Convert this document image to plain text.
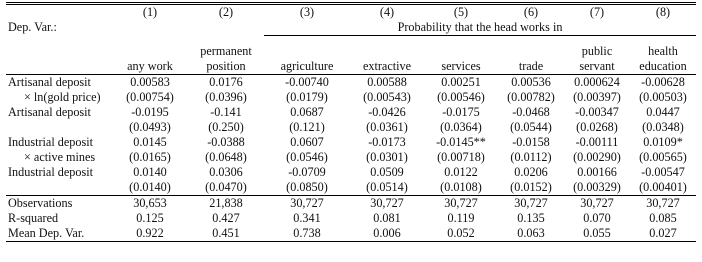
	(1)	(2)	(3)	(4)	(5)	(6)	(7)	(8)
Dep. Var.:			Probability that the head works in					

		permanent					public	health
	any work	position	agriculture	extractive	services	trade	servant	education
Artisanal deposit	0.00583	0.0176	-0.00740	0.00588	0.00251	0.00536	0.000624	-0.00628
× ln(gold price)	(0.00754)	(0.0396)	(0.0179)	(0.00543)	(0.00546)	(0.00782)	(0.00397)	(0.00503)
Artisanal deposit	-0.0195	-0.141	0.0687	-0.0426	-0.0175	-0.0468	-0.00347	0.0447
	(0.0493)	(0.250)	(0.121)	(0.0361)	(0.0364)	(0.0544)	(0.0268)	(0.0348)
Industrial deposit	0.0145	-0.0388	0.0607	-0.0173	-0.0145**	-0.0158	-0.00111	0.0109*
× active mines	(0.0165)	(0.0648)	(0.0546)	(0.0301)	(0.00718)	(0.0112)	(0.00290)	(0.00565)
Industrial deposit	0.0140	0.0306	-0.0709	0.0509	0.0122	0.0206	0.00166	-0.00547
	(0.0140)	(0.0470)	(0.0850)	(0.0514)	(0.0108)	(0.0152)	(0.00329)	(0.00401)
Observations	30,653	21,838	30,727	30,727	30,727	30,727	30,727	30,727
R-squared	0.125	0.427	0.341	0.081	0.119	0.135	0.070	0.085
Mean Dep. Var.	0.922	0.451	0.738	0.006	0.052	0.063	0.055	0.027
